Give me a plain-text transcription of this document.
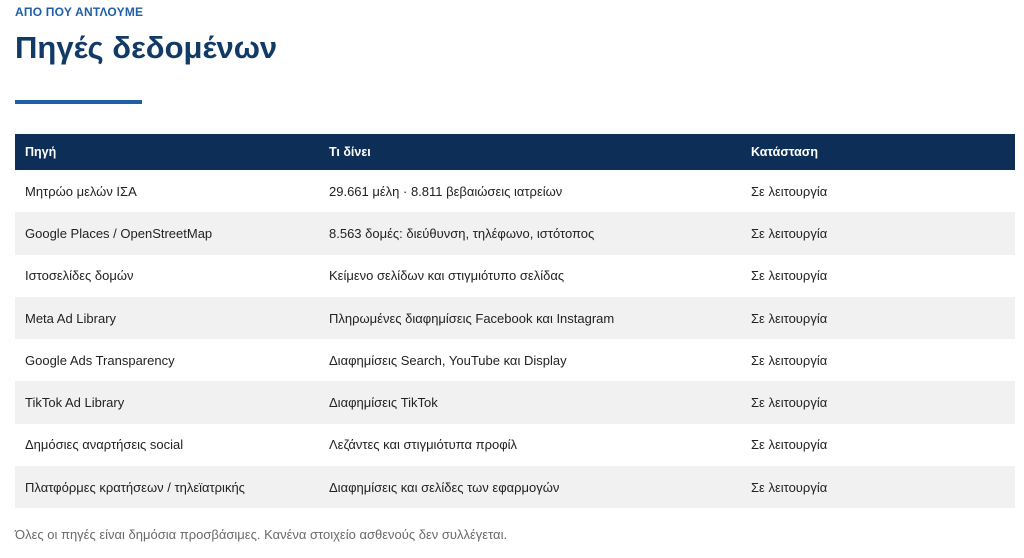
ΑΠΟ ΠΟΥ ΑΝΤΛΟΥΜΕ
Πηγές δεδομένων
Πηγή	Τι δίνει	Κατάσταση
Μητρώο μελών ΙΣΑ	29.661 μέλη · 8.811 βεβαιώσεις ιατρείων	Σε λειτουργία
Google Places / OpenStreetMap	8.563 δομές: διεύθυνση, τηλέφωνο, ιστότοπος	Σε λειτουργία
Ιστοσελίδες δομών	Κείμενο σελίδων και στιγμιότυπο σελίδας	Σε λειτουργία
Meta Ad Library	Πληρωμένες διαφημίσεις Facebook και Instagram	Σε λειτουργία
Google Ads Transparency	Διαφημίσεις Search, YouTube και Display	Σε λειτουργία
TikTok Ad Library	Διαφημίσεις TikTok	Σε λειτουργία
Δημόσιες αναρτήσεις social	Λεζάντες και στιγμιότυπα προφίλ	Σε λειτουργία
Πλατφόρμες κρατήσεων / τηλεϊατρικής	Διαφημίσεις και σελίδες των εφαρμογών	Σε λειτουργία
Όλες οι πηγές είναι δημόσια προσβάσιμες. Κανένα στοιχείο ασθενούς δεν συλλέγεται.
